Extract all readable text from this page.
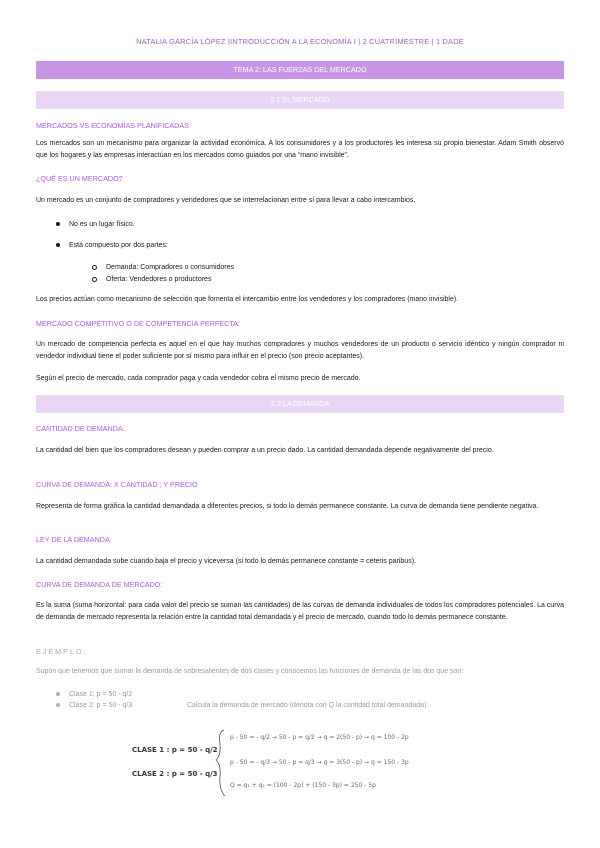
NATALIA GARCÍA LÓPEZ |INTRODUCCIÓN A LA ECONOMÍA I | 2 CUATRIMESTRE | 1 DADE
TEMA 2: LAS FUERZAS DEL MERCADO
2.1 EL MERCADO
MERCADOS VS ECONOMÍAS PLANIFICADAS
Los mercados son un mecanismo para organizar la actividad económica. A los consumidores y a los productores les interesa su propio bienestar. Adam Smith observó que los hogares y las empresas interactúan en los mercados como guiados por una “mano invisible”.
¿QUÉ ES UN MERCADO?
Un mercado es un conjunto de compradores y vendedores que se interrelacionan entre sí para llevar a cabo intercambios.
No es un lugar físico.
Está compuesto por dos partes:
Demanda: Compradores o consumidores
Oferta: Vendedores o productores
Los precios actúan como mecanismo de selección que fomenta el intercambio entre los vendedores y los compradores (mano invisible).
MERCADO COMPETITIVO O DE COMPETENCIA PERFECTA:
Un mercado de competencia perfecta es aquel en el que hay muchos compradores y muchos vendedores de un producto o servicio idéntico y ningún comprador ni vendedor individual tiene el poder suficiente por sí mismo para influir en el precio (son precio aceptantes).
Según el precio de mercado, cada comprador paga y cada vendedor cobra el mismo precio de mercado.
2.2 LA DEMANDA
CANTIDAD DE DEMANDA:
La cantidad del bien que los compradores desean y pueden comprar a un precio dado. La cantidad demandada depende negativamente del precio.
CURVA DE DEMANDA: X CANTIDAD ; Y PRECIO
Representa de forma gráfica la cantidad demandada a diferentes precios, si todo lo demás permanece constante. La curva de demanda tiene pendiente negativa.
LEY DE LA DEMANDA:
La cantidad demandada sube cuando baja el precio y viceversa (si todo lo demás permanece constante = ceteris paribus).
CURVA DE DEMANDA DE MERCADO:
Es la suma (suma horizontal: para cada valor del precio se suman las cantidades) de las curvas de demanda individuales de todos los compradores potenciales. La curva de demanda de mercado representa la relación entre la cantidad total demandada y el precio de mercado, cuando todo lo demás permanece constante.
EJEMPLO:
Supón que tenemos que sumar la demanda de sobresalientes de dos clases y conocemos las funciones de demanda de las dos que son:
Clase 1: p = 50 - q/2
Clase 2: p = 50 - q/3	Calcula la demanda de mercado (denota con Q la cantidad total demandada):
CLASE 1 : p = 50 - q/2
CLASE 2 : p = 50 - q/3
p - 50 = - q/2 → 50 - p = q/2 → q = 2(50 - p) → q = 100 - 2p
p - 50 = - q/3 → 50 - p = q/3 → q = 3(50 - p) → q = 150 - 3p
Q = q₁ + q₂ = (100 - 2p) + (150 - 3p) = 250 - 5p
